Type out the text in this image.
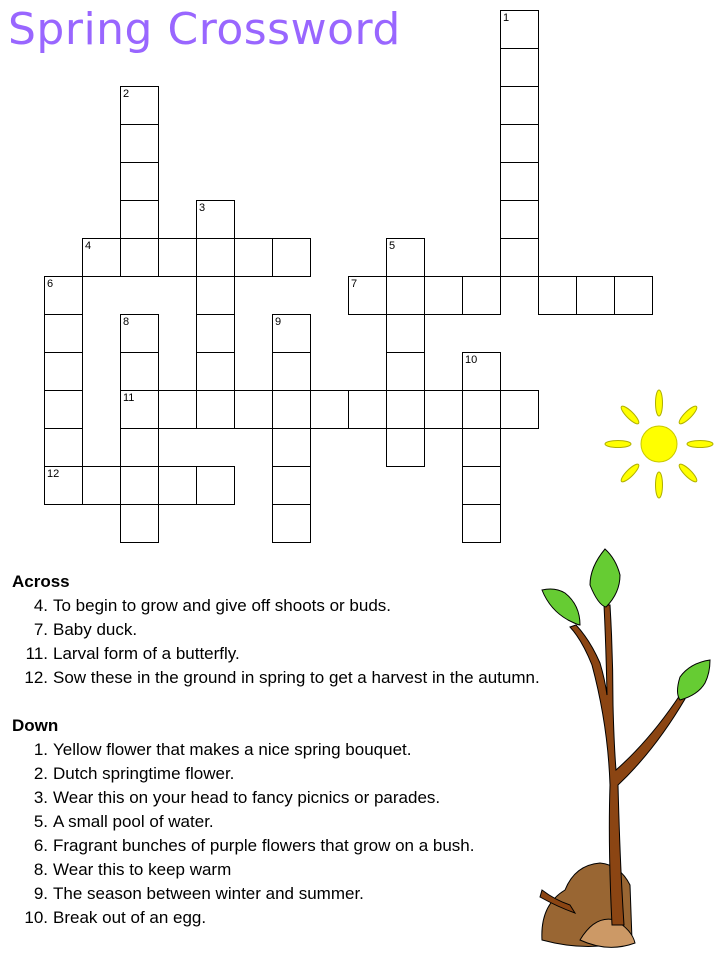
Spring Crossword	1
2
3
4	5
6
12
7
8
11
9
10
Across
4. To begin to grow and give off shoots or buds.
7. Baby duck.
11. Larval form of a butterfly.
12. Sow these in the ground in spring to get a harvest in the autumn.
Down
1. Yellow flower that makes a nice spring bouquet.
2. Dutch springtime flower.
3. Wear this on your head to fancy picnics or parades.
5. A small pool of water.
6. Fragrant bunches of purple flowers that grow on a bush.
8. Wear this to keep warm
9. The season between winter and summer.
10. Break out of an egg.
